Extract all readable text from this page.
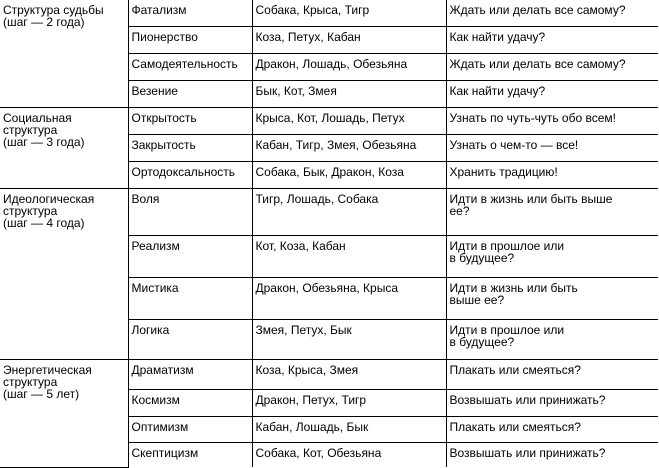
Структура судьбы
(шаг — 2 года)	Фатализм	Собака, Крыса, Тигр	Ждать или делать все самому?
	Пионерство	Коза, Петух, Кабан	Как найти удачу?
	Самодеятельность	Дракон, Лошадь, Обезьяна	Ждать или делать все самому?
	Везение	Бык, Кот, Змея	Как найти удачу?
Социальная
структура
(шаг — 3 года)	Открытость	Крыса, Кот, Лошадь, Петух	Узнать по чуть-чуть обо всем!
	Закрытость	Кабан, Тигр, Змея, Обезьяна	Узнать о чем-то — все!
	Ортодоксальность	Собака, Бык, Дракон, Коза	Хранить традицию!
Идеологическая
структура
(шаг — 4 года)	Воля	Тигр, Лошадь, Собака	Идти в жизнь или быть выше
ее?
	Реализм	Кот, Коза, Кабан	Идти в прошлое или
в будущее?
	Мистика	Дракон, Обезьяна, Крыса	Идти в жизнь или быть
выше ее?
	Логика	Змея, Петух, Бык	Идти в прошлое или
в будущее?
Энергетическая
структура
(шаг — 5 лет)	Драматизм	Коза, Крыса, Змея	Плакать или смеяться?
	Космизм	Дракон, Петух, Тигр	Возвышать или принижать?
	Оптимизм	Кабан, Лошадь, Бык	Плакать или смеяться?
	Скептицизм	Собака, Кот, Обезьяна	Возвышать или принижать?
